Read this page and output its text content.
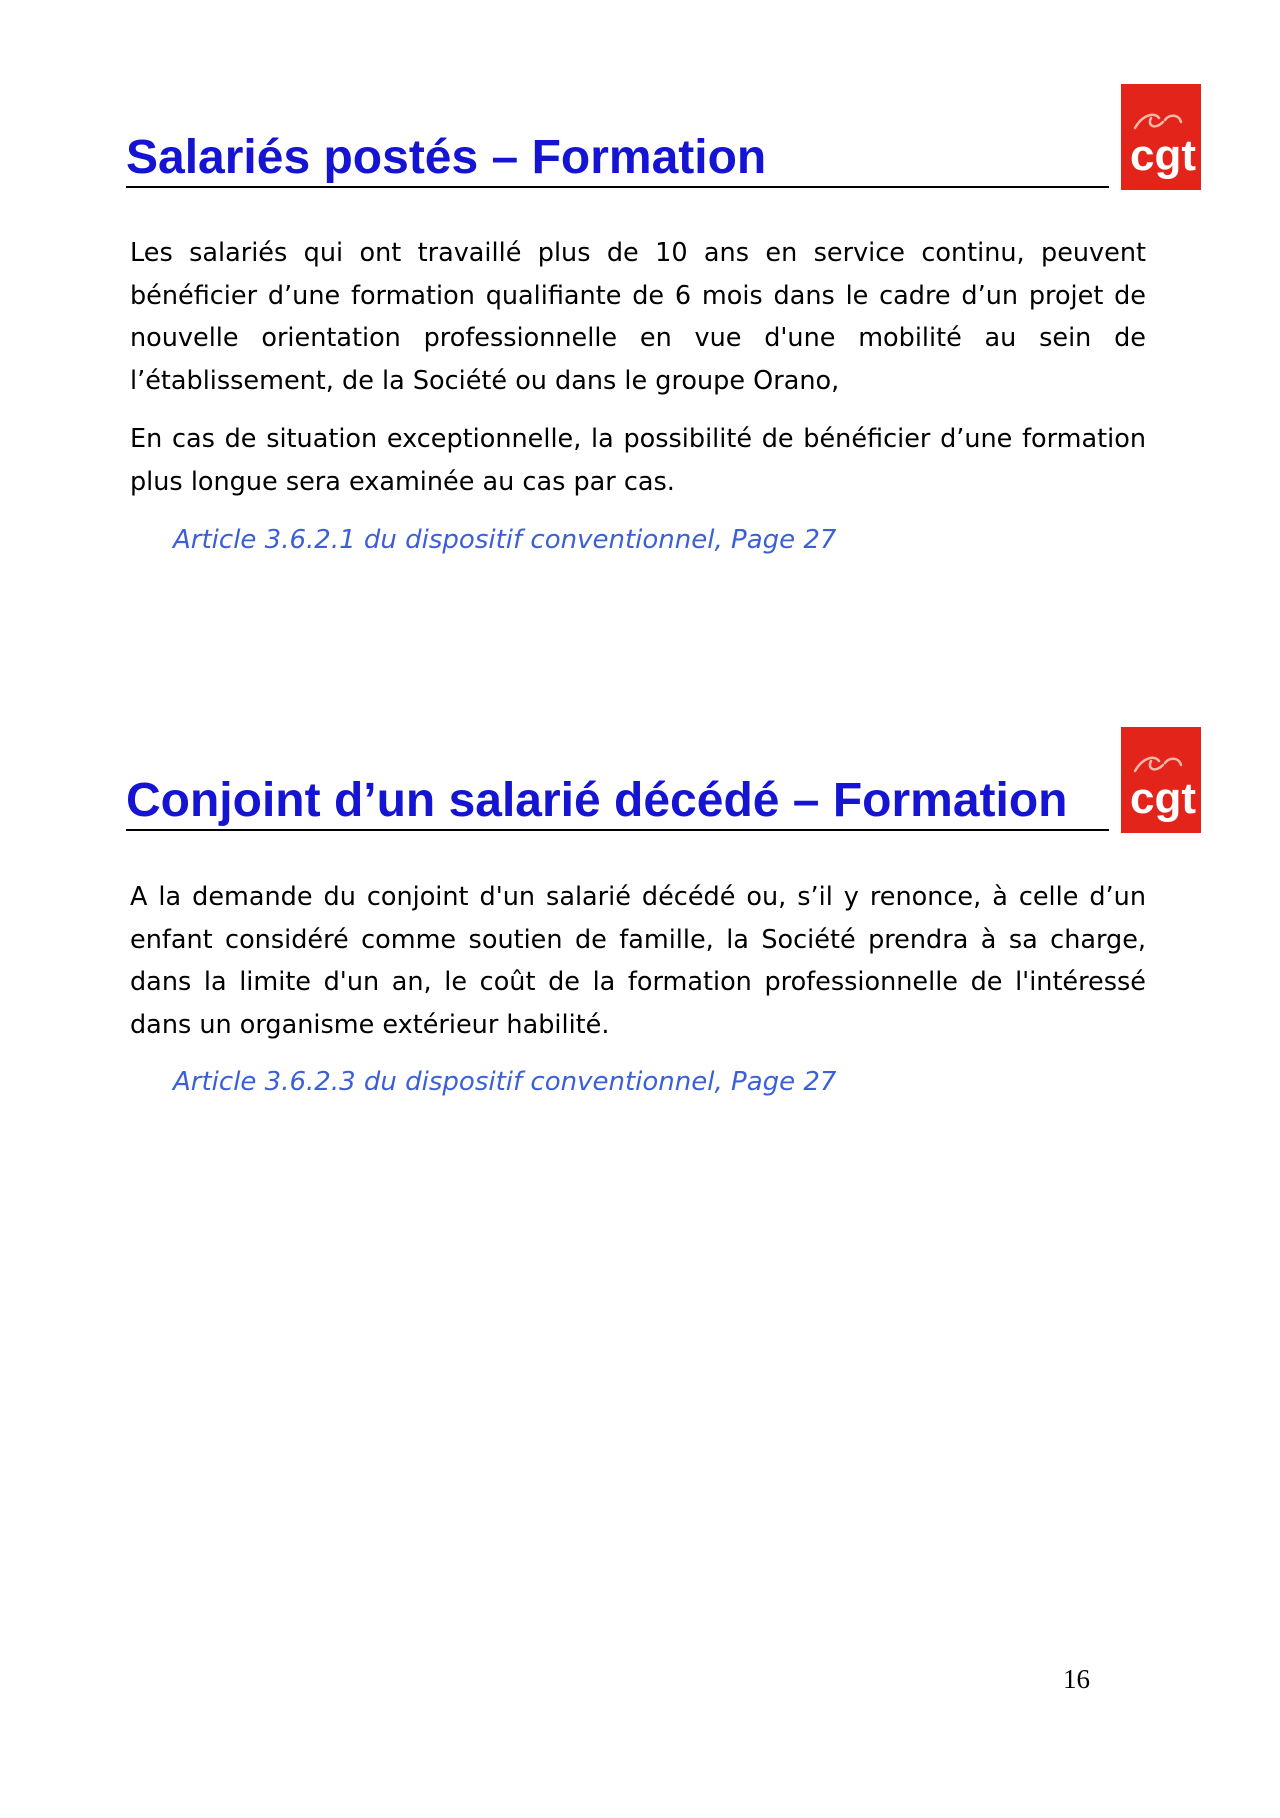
Salariés postés – Formation	cgt

Les salariés qui ont travaillé plus de 10 ans en service continu, peuvent bénéficier d’une formation qualifiante de 6 mois dans le cadre d’un projet de nouvelle orientation professionnelle en vue d'une mobilité au sein de l’établissement, de la Société ou dans le groupe Orano,

En cas de situation exceptionnelle, la possibilité de bénéficier d’une formation plus longue sera examinée au cas par cas.

Article 3.6.2.1 du dispositif conventionnel, Page 27

Conjoint d’un salarié décédé – Formation	cgt

A la demande du conjoint d'un salarié décédé ou, s’il y renonce, à celle d’un enfant considéré comme soutien de famille, la Société prendra à sa charge, dans la limite d'un an, le coût de la formation professionnelle de l'intéressé dans un organisme extérieur habilité.

Article 3.6.2.3 du dispositif conventionnel, Page 27

16
